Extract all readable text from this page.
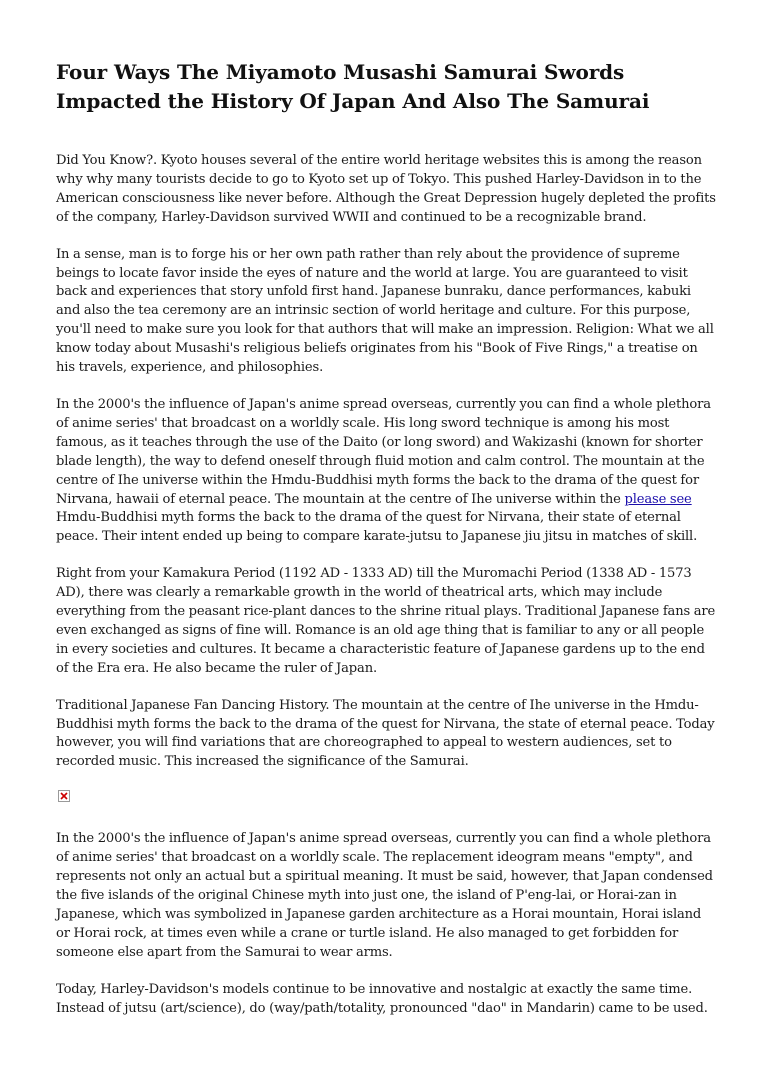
Four Ways The Miyamoto Musashi Samurai Swords Impacted the History Of Japan And Also The Samurai

Did You Know?. Kyoto houses several of the entire world heritage websites this is among the reason why why many tourists decide to go to Kyoto set up of Tokyo. This pushed Harley-Davidson in to the American consciousness like never before. Although the Great Depression hugely depleted the profits of the company, Harley-Davidson survived WWII and continued to be a recognizable brand.

In a sense, man is to forge his or her own path rather than rely about the providence of supreme beings to locate favor inside the eyes of nature and the world at large. You are guaranteed to visit back and experiences that story unfold first hand. Japanese bunraku, dance performances, kabuki and also the tea ceremony are an intrinsic section of world heritage and culture. For this purpose, you'll need to make sure you look for that authors that will make an impression. Religion: What we all know today about Musashi's religious beliefs originates from his "Book of Five Rings," a treatise on his travels, experience, and philosophies.

In the 2000's the influence of Japan's anime spread overseas, currently you can find a whole plethora of anime series' that broadcast on a worldly scale. His long sword technique is among his most famous, as it teaches through the use of the Daito (or long sword) and Wakizashi (known for shorter blade length), the way to defend oneself through fluid motion and calm control. The mountain at the centre of Ihe universe within the Hmdu-Buddhisi myth forms the back to the drama of the quest for Nirvana, hawaii of eternal peace. The mountain at the centre of Ihe universe within the please see Hmdu-Buddhisi myth forms the back to the drama of the quest for Nirvana, their state of eternal peace. Their intent ended up being to compare karate-jutsu to Japanese jiu jitsu in matches of skill.

Right from your Kamakura Period (1192 AD - 1333 AD) till the Muromachi Period (1338 AD - 1573 AD), there was clearly a remarkable growth in the world of theatrical arts, which may include everything from the peasant rice-plant dances to the shrine ritual plays. Traditional Japanese fans are even exchanged as signs of fine will. Romance is an old age thing that is familiar to any or all people in every societies and cultures. It became a characteristic feature of Japanese gardens up to the end of the Era era. He also became the ruler of Japan.

Traditional Japanese Fan Dancing History. The mountain at the centre of Ihe universe in the Hmdu-Buddhisi myth forms the back to the drama of the quest for Nirvana, the state of eternal peace. Today however, you will find variations that are choreographed to appeal to western audiences, set to recorded music. This increased the significance of the Samurai.

In the 2000's the influence of Japan's anime spread overseas, currently you can find a whole plethora of anime series' that broadcast on a worldly scale. The replacement ideogram means "empty", and represents not only an actual but a spiritual meaning. It must be said, however, that Japan condensed the five islands of the original Chinese myth into just one, the island of P'eng-lai, or Horai-zan in Japanese, which was symbolized in Japanese garden architecture as a Horai mountain, Horai island or Horai rock, at times even while a crane or turtle island. He also managed to get forbidden for someone else apart from the Samurai to wear arms.

Today, Harley-Davidson's models continue to be innovative and nostalgic at exactly the same time. Instead of jutsu (art/science), do (way/path/totality, pronounced "dao" in Mandarin) came to be used.
